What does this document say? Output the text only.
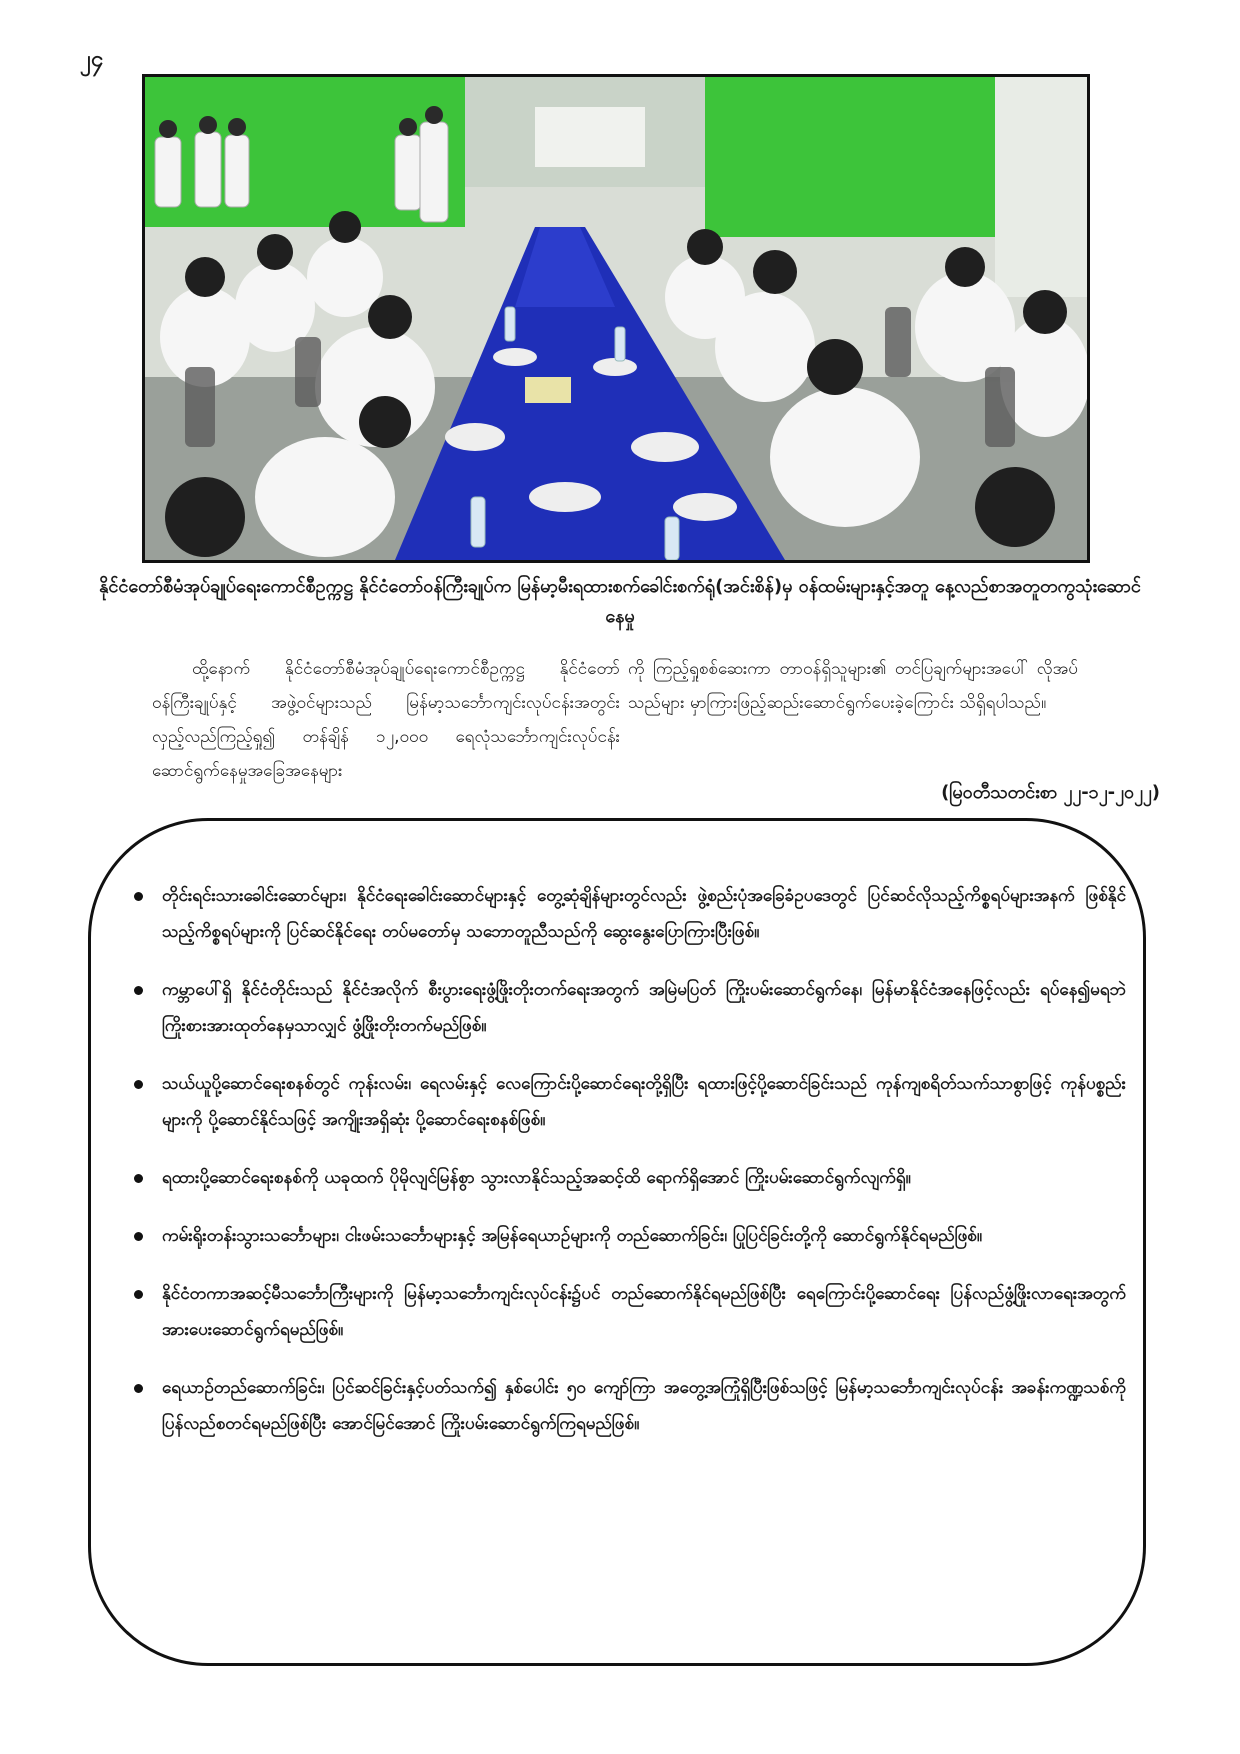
၂၄
နိုင်ငံတော်စီမံအုပ်ချုပ်ရေးကောင်စီဥက္ကဋ္ဌ နိုင်ငံတော်ဝန်ကြီးချုပ်က မြန်မာ့မီးရထားစက်ခေါင်းစက်ရုံ(အင်းစိန်)မှ ဝန်ထမ်းများနှင့်အတူ နေ့လည်စာအတူတကွသုံးဆောင်နေမှု
ထို့နောက် နိုင်ငံတော်စီမံအုပ်ချုပ်ရေးကောင်စီဥက္ကဋ္ဌ နိုင်ငံတော်ဝန်ကြီးချုပ်နှင့် အဖွဲ့ဝင်များသည် မြန်မာ့သင်္ဘောကျင်းလုပ်ငန်းအတွင်း လှည့်လည်ကြည့်ရှု၍ တန်ချိန် ၁၂,၀၀၀ ရေလုံသင်္ဘောကျင်းလုပ်ငန်း ဆောင်ရွက်နေမှုအခြေအနေများ
ကို ကြည့်ရှုစစ်ဆေးကာ တာဝန်ရှိသူများ၏ တင်ပြချက်များအပေါ် လိုအပ်သည်များ မှာကြားဖြည့်ဆည်းဆောင်ရွက်ပေးခဲ့ကြောင်း သိရှိရပါသည်။
(မြဝတီသတင်းစာ ၂၂-၁၂-၂၀၂၂)
တိုင်းရင်းသားခေါင်းဆောင်များ၊ နိုင်ငံရေးခေါင်းဆောင်များနှင့် တွေ့ဆုံချိန်များတွင်လည်း ဖွဲ့စည်းပုံအခြေခံဥပဒေတွင် ပြင်ဆင်လိုသည့်ကိစ္စရပ်များအနက် ဖြစ်နိုင်သည့်ကိစ္စရပ်များကို ပြင်ဆင်နိုင်ရေး တပ်မတော်မှ သဘောတူညီသည်ကို ဆွေးနွေးပြောကြားပြီးဖြစ်။
ကမ္ဘာပေါ်ရှိ နိုင်ငံတိုင်းသည် နိုင်ငံအလိုက် စီးပွားရေးဖွံ့ဖြိုးတိုးတက်ရေးအတွက် အမြဲမပြတ် ကြိုးပမ်းဆောင်ရွက်နေ၊ မြန်မာနိုင်ငံအနေဖြင့်လည်း ရပ်နေ၍မရဘဲ ကြိုးစားအားထုတ်နေမှသာလျှင် ဖွံ့ဖြိုးတိုးတက်မည်ဖြစ်။
သယ်ယူပို့ဆောင်ရေးစနစ်တွင် ကုန်းလမ်း၊ ရေလမ်းနှင့် လေကြောင်းပို့ဆောင်ရေးတို့ရှိပြီး ရထားဖြင့်ပို့ဆောင်ခြင်းသည် ကုန်ကျစရိတ်သက်သာစွာဖြင့် ကုန်ပစ္စည်းများကို ပို့ဆောင်နိုင်သဖြင့် အကျိုးအရှိဆုံး ပို့ဆောင်ရေးစနစ်ဖြစ်။
ရထားပို့ဆောင်ရေးစနစ်ကို ယခုထက် ပိုမိုလျင်မြန်စွာ သွားလာနိုင်သည့်အဆင့်ထိ ရောက်ရှိအောင် ကြိုးပမ်းဆောင်ရွက်လျက်ရှိ။
ကမ်းရိုးတန်းသွားသင်္ဘောများ၊ ငါးဖမ်းသင်္ဘောများနှင့် အမြန်ရေယာဉ်များကို တည်ဆောက်ခြင်း၊ ပြုပြင်ခြင်းတို့ကို ဆောင်ရွက်နိုင်ရမည်ဖြစ်။
နိုင်ငံတကာအဆင့်မီသင်္ဘောကြီးများကို မြန်မာ့သင်္ဘောကျင်းလုပ်ငန်း၌ပင် တည်ဆောက်နိုင်ရမည်ဖြစ်ပြီး ရေကြောင်းပို့ဆောင်ရေး ပြန်လည်ဖွံ့ဖြိုးလာရေးအတွက် အားပေးဆောင်ရွက်ရမည်ဖြစ်။
ရေယာဉ်တည်ဆောက်ခြင်း၊ ပြင်ဆင်ခြင်းနှင့်ပတ်သက်၍ နှစ်ပေါင်း ၅၀ ကျော်ကြာ အတွေ့အကြုံရှိပြီးဖြစ်သဖြင့် မြန်မာ့သင်္ဘောကျင်းလုပ်ငန်း အခန်းကဏ္ဍသစ်ကို ပြန်လည်စတင်ရမည်ဖြစ်ပြီး အောင်မြင်အောင် ကြိုးပမ်းဆောင်ရွက်ကြရမည်ဖြစ်။
